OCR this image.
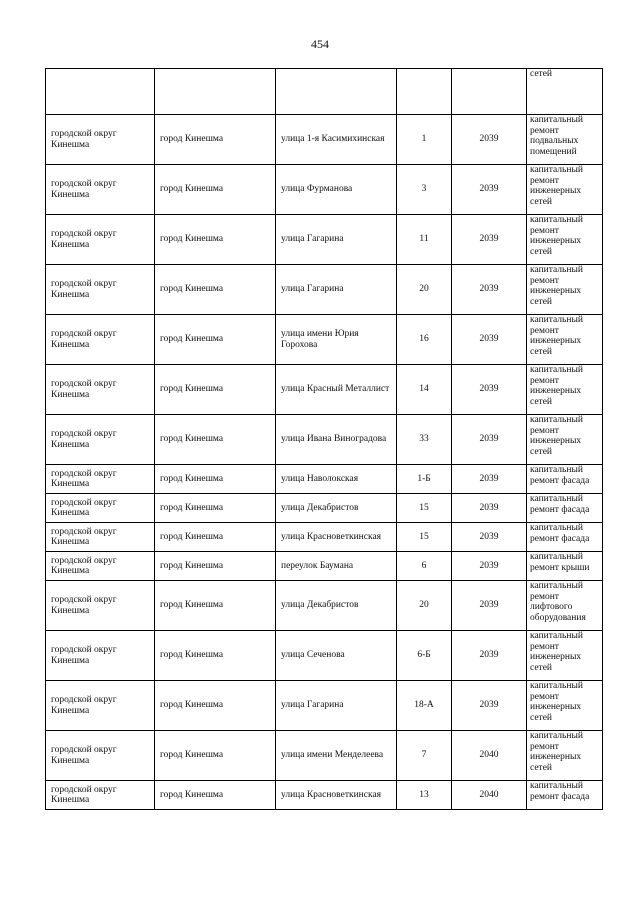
454
					сетей
городской округ Кинешма	город Кинешма	улица 1-я Касимихинская	1	2039	капитальный ремонт подвальных помещений
городской округ Кинешма	город Кинешма	улица Фурманова	3	2039	капитальный ремонт инженерных сетей
городской округ Кинешма	город Кинешма	улица Гагарина	11	2039	капитальный ремонт инженерных сетей
городской округ Кинешма	город Кинешма	улица Гагарина	20	2039	капитальный ремонт инженерных сетей
городской округ Кинешма	город Кинешма	улица имени Юрия Горохова	16	2039	капитальный ремонт инженерных сетей
городской округ Кинешма	город Кинешма	улица Красный Металлист	14	2039	капитальный ремонт инженерных сетей
городской округ Кинешма	город Кинешма	улица Ивана Виноградова	33	2039	капитальный ремонт инженерных сетей
городской округ Кинешма	город Кинешма	улица Наволокская	1-Б	2039	капитальный ремонт фасада
городской округ Кинешма	город Кинешма	улица Декабристов	15	2039	капитальный ремонт фасада
городской округ Кинешма	город Кинешма	улица Красноветкинская	15	2039	капитальный ремонт фасада
городской округ Кинешма	город Кинешма	переулок Баумана	6	2039	капитальный ремонт крыши
городской округ Кинешма	город Кинешма	улица Декабристов	20	2039	капитальный ремонт лифтового оборудования
городской округ Кинешма	город Кинешма	улица Сеченова	6-Б	2039	капитальный ремонт инженерных сетей
городской округ Кинешма	город Кинешма	улица Гагарина	18-А	2039	капитальный ремонт инженерных сетей
городской округ Кинешма	город Кинешма	улица имени Менделеева	7	2040	капитальный ремонт инженерных сетей
городской округ Кинешма	город Кинешма	улица Красноветкинская	13	2040	капитальный ремонт фасада
